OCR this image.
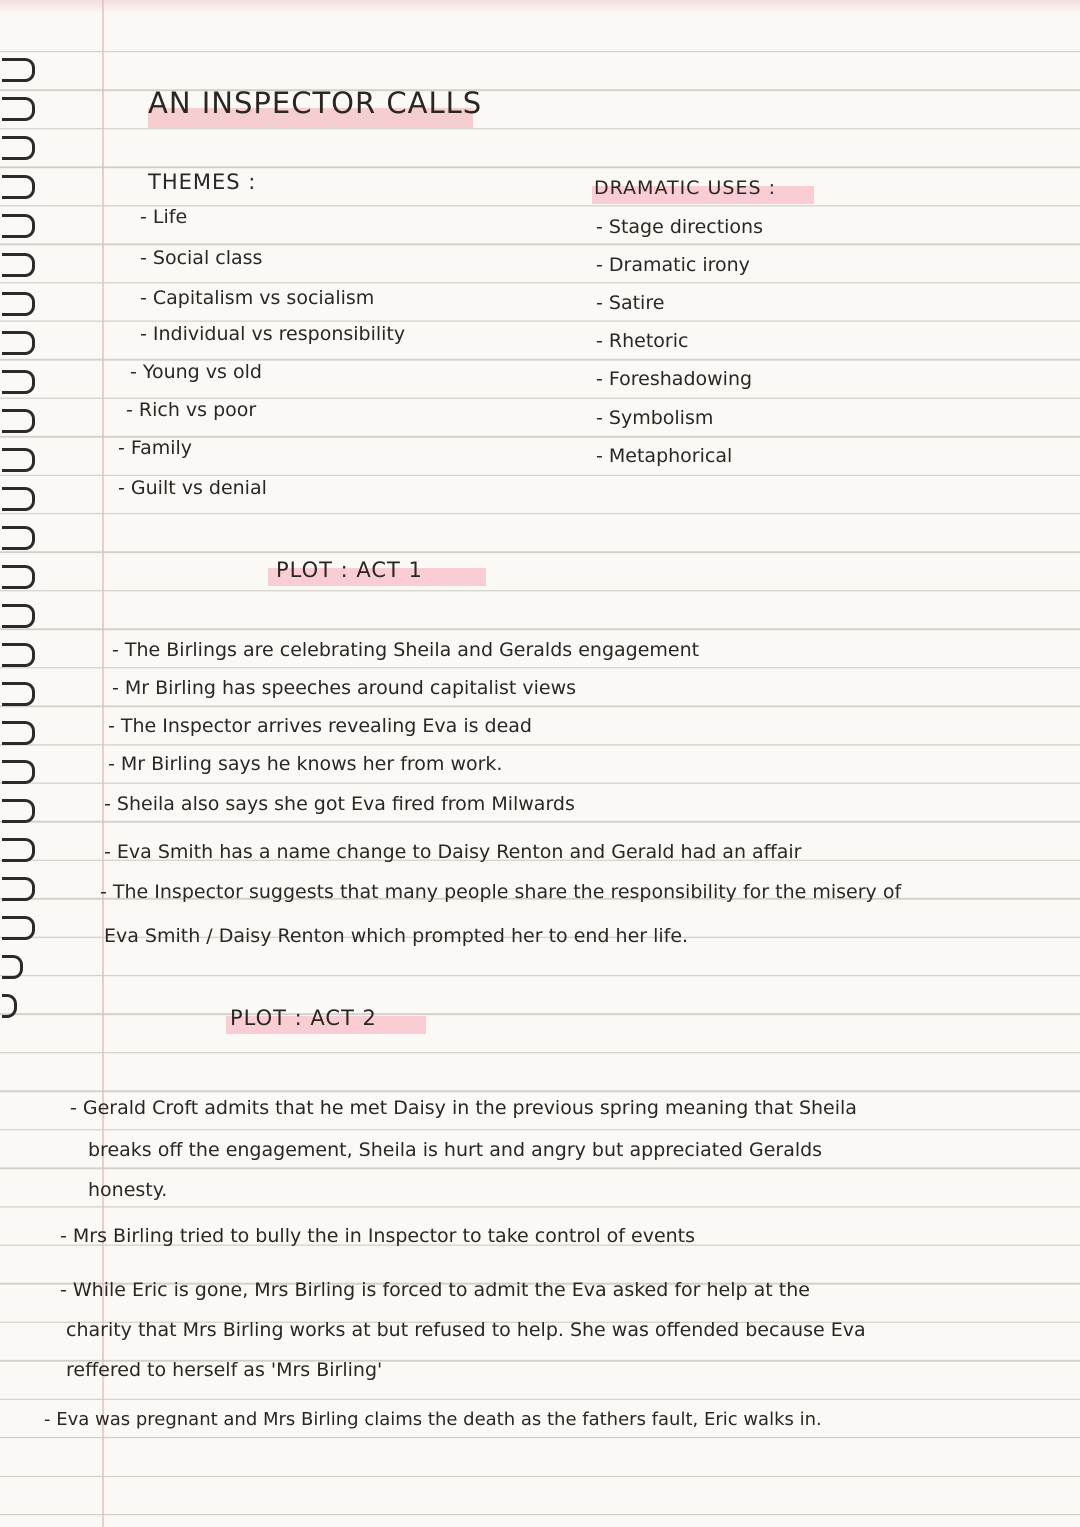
AN INSPECTOR CALLS
THEMES :
- Life
- Social class
- Capitalism vs socialism
- Individual vs responsibility
- Young vs old
- Rich vs poor
- Family
- Guilt vs denial
DRAMATIC USES :
- Stage directions
- Dramatic irony
- Satire
- Rhetoric
- Foreshadowing
- Symbolism
- Metaphorical
PLOT : ACT 1
- The Birlings are celebrating Sheila and Geralds engagement
- Mr Birling has speeches around capitalist views
- The Inspector arrives revealing Eva is dead
- Mr Birling says he knows her from work.
- Sheila also says she got Eva fired from Milwards
- Eva Smith has a name change to Daisy Renton and Gerald had an affair
- The Inspector suggests that many people share the responsibility for the misery of
Eva Smith / Daisy Renton which prompted her to end her life.
PLOT : ACT 2
- Gerald Croft admits that he met Daisy in the previous spring meaning that Sheila
breaks off the engagement, Sheila is hurt and angry but appreciated Geralds
honesty.
- Mrs Birling tried to bully the in Inspector to take control of events
- While Eric is gone, Mrs Birling is forced to admit the Eva asked for help at the
charity that Mrs Birling works at but refused to help. She was offended because Eva
reffered to herself as 'Mrs Birling'
- Eva was pregnant and Mrs Birling claims the death as the fathers fault, Eric walks in.
